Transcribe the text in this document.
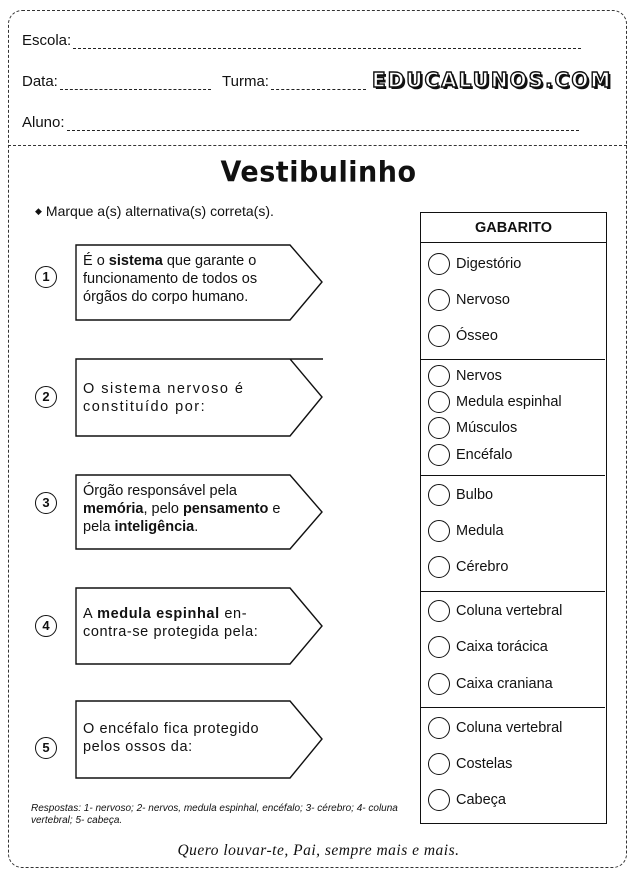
Escola:
Data:	Turma:	EDUCALUNOS.COM
Aluno:
Vestibulinho
◆ Marque a(s) alternativa(s) correta(s).
1
É o sistema que garante o funcionamento de todos os órgãos do corpo humano.
2	O sistema nervoso é constituído por:
3
Órgão responsável pela memória, pelo pensamento e pela inteligência.
4
A medula espinhal en-contra-se protegida pela:
5
O encéfalo fica protegido pelos ossos da:
GABARITO
Digestório
Nervoso
Ósseo
Nervos
Medula espinhal
Músculos
Encéfalo
Bulbo
Medula
Cérebro
Coluna vertebral
Caixa torácica
Caixa craniana
Coluna vertebral
Costelas
Cabeça
Respostas: 1- nervoso; 2- nervos, medula espinhal, encéfalo; 3- cérebro; 4- coluna vertebral; 5- cabeça.
Quero louvar-te, Pai, sempre mais e mais.
